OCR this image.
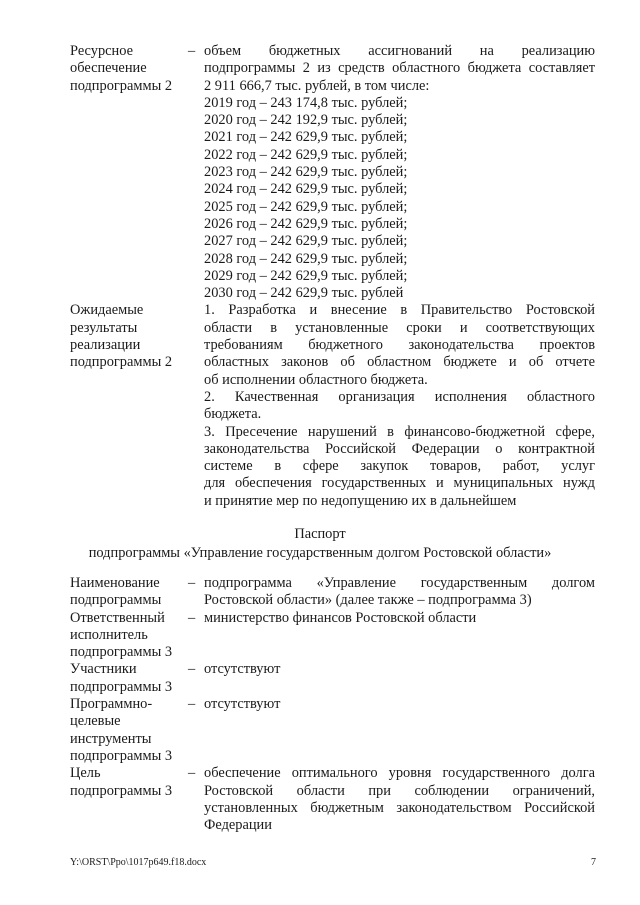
Ресурсное
обеспечение
подпрограммы 2
– объем бюджетных ассигнований на реализацию
подпрограммы 2 из средств областного бюджета составляет
2 911 666,7 тыс. рублей, в том числе:
2019 год – 243 174,8 тыс. рублей;
2020 год – 242 192,9 тыс. рублей;
2021 год – 242 629,9 тыс. рублей;
2022 год – 242 629,9 тыс. рублей;
2023 год – 242 629,9 тыс. рублей;
2024 год – 242 629,9 тыс. рублей;
2025 год – 242 629,9 тыс. рублей;
2026 год – 242 629,9 тыс. рублей;
2027 год – 242 629,9 тыс. рублей;
2028 год – 242 629,9 тыс. рублей;
2029 год – 242 629,9 тыс. рублей;
2030 год – 242 629,9 тыс. рублей
Ожидаемые
результаты
реализации
подпрограммы 2
1. Разработка и внесение в Правительство Ростовской
области в установленные сроки и соответствующих
требованиям бюджетного законодательства проектов
областных законов об областном бюджете и об отчете
об исполнении областного бюджета.
2. Качественная организация исполнения областного
бюджета.
3. Пресечение нарушений в финансово-бюджетной сфере,
законодательства Российской Федерации о контрактной
системе в сфере закупок товаров, работ, услуг
для обеспечения государственных и муниципальных нужд
и принятие мер по недопущению их в дальнейшем
Паспорт
подпрограммы «Управление государственным долгом Ростовской области»
Наименование
подпрограммы
– подпрограмма «Управление государственным долгом
Ростовской области» (далее также – подпрограмма 3)
Ответственный
исполнитель
подпрограммы 3
– министерство финансов Ростовской области
Участники
подпрограммы 3
– отсутствуют
Программно-
целевые
инструменты
подпрограммы 3
– отсутствуют
Цель
подпрограммы 3
– обеспечение оптимального уровня государственного долга
Ростовской области при соблюдении ограничений,
установленных бюджетным законодательством Российской
Федерации
Y:\ORST\Ppo\1017p649.f18.docx	7
